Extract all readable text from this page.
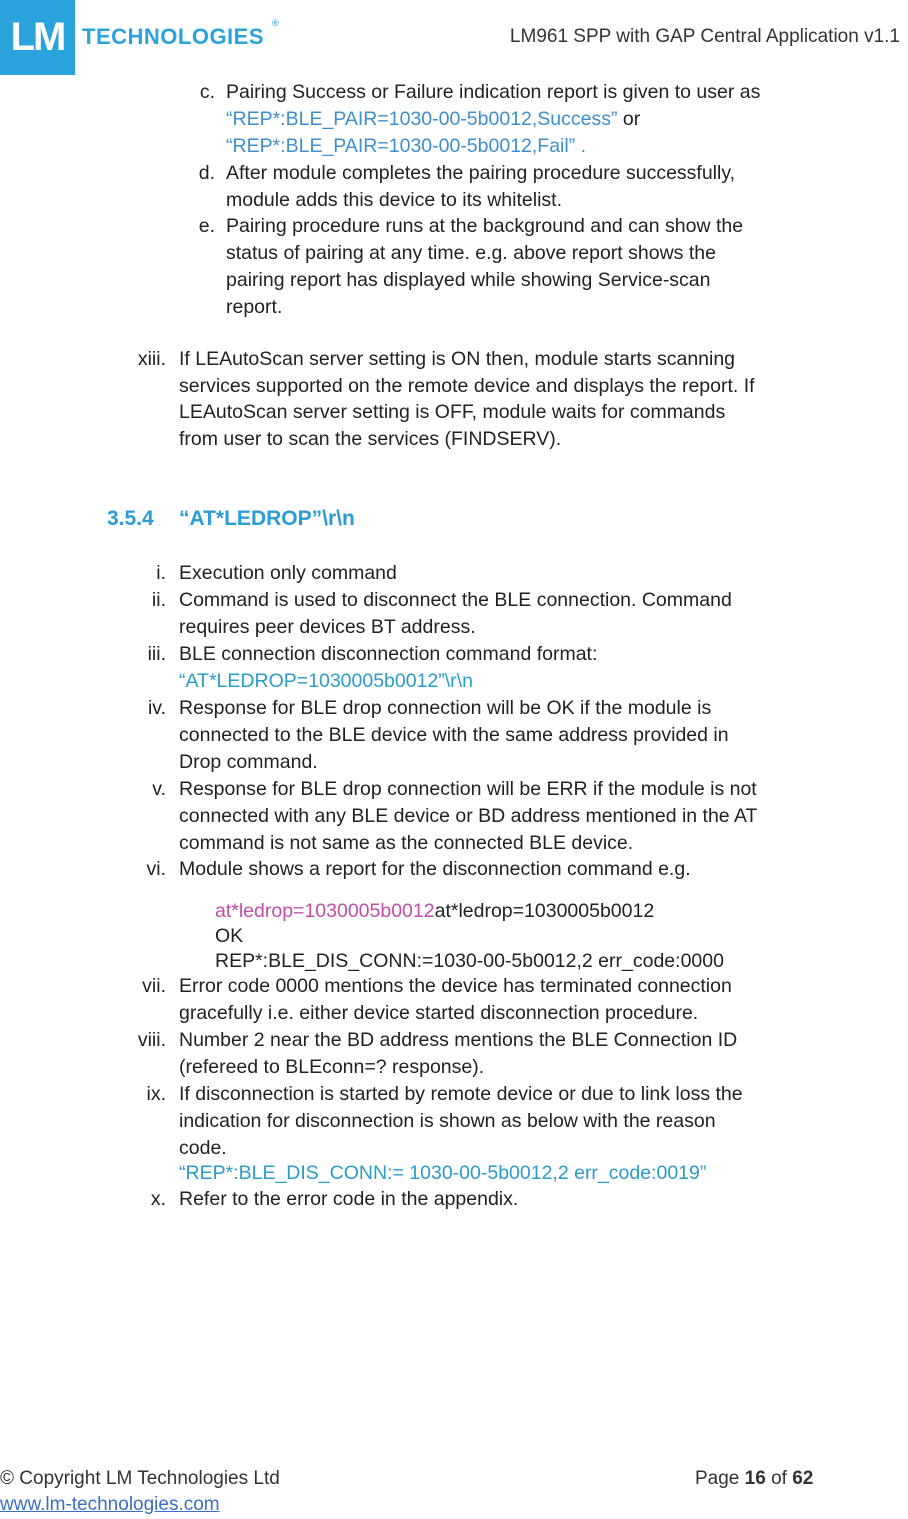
LM TECHNOLOGIES
®
LM961 SPP with GAP Central Application v1.1
c. Pairing Success or Failure indication report is given to user as
“REP*:BLE_PAIR=1030-00-5b0012,Success” or
“REP*:BLE_PAIR=1030-00-5b0012,Fail” .
d. After module completes the pairing procedure successfully,
module adds this device to its whitelist.
e. Pairing procedure runs at the background and can show the
status of pairing at any time. e.g. above report shows the
pairing report has displayed while showing Service-scan
report.
xiii. If LEAutoScan server setting is ON then, module starts scanning
services supported on the remote device and displays the report. If
LEAutoScan server setting is OFF, module waits for commands
from user to scan the services (FINDSERV).
3.5.4 “AT*LEDROP”\r\n
i. Execution only command
ii. Command is used to disconnect the BLE connection. Command
requires peer devices BT address.
iii. BLE connection disconnection command format:
“AT*LEDROP=1030005b0012”\r\n
iv. Response for BLE drop connection will be OK if the module is
connected to the BLE device with the same address provided in
Drop command.
v. Response for BLE drop connection will be ERR if the module is not
connected with any BLE device or BD address mentioned in the AT
command is not same as the connected BLE device.
vi. Module shows a report for the disconnection command e.g.
at*ledrop=1030005b0012at*ledrop=1030005b0012
OK
REP*:BLE_DIS_CONN:=1030-00-5b0012,2 err_code:0000
vii. Error code 0000 mentions the device has terminated connection
gracefully i.e. either device started disconnection procedure.
viii. Number 2 near the BD address mentions the BLE Connection ID
(refereed to BLEconn=? response).
ix. If disconnection is started by remote device or due to link loss the
indication for disconnection is shown as below with the reason
code.
“REP*:BLE_DIS_CONN:= 1030-00-5b0012,2 err_code:0019”
x. Refer to the error code in the appendix.
© Copyright LM Technologies Ltd
www.lm-technologies.com
Page 16 of 62
